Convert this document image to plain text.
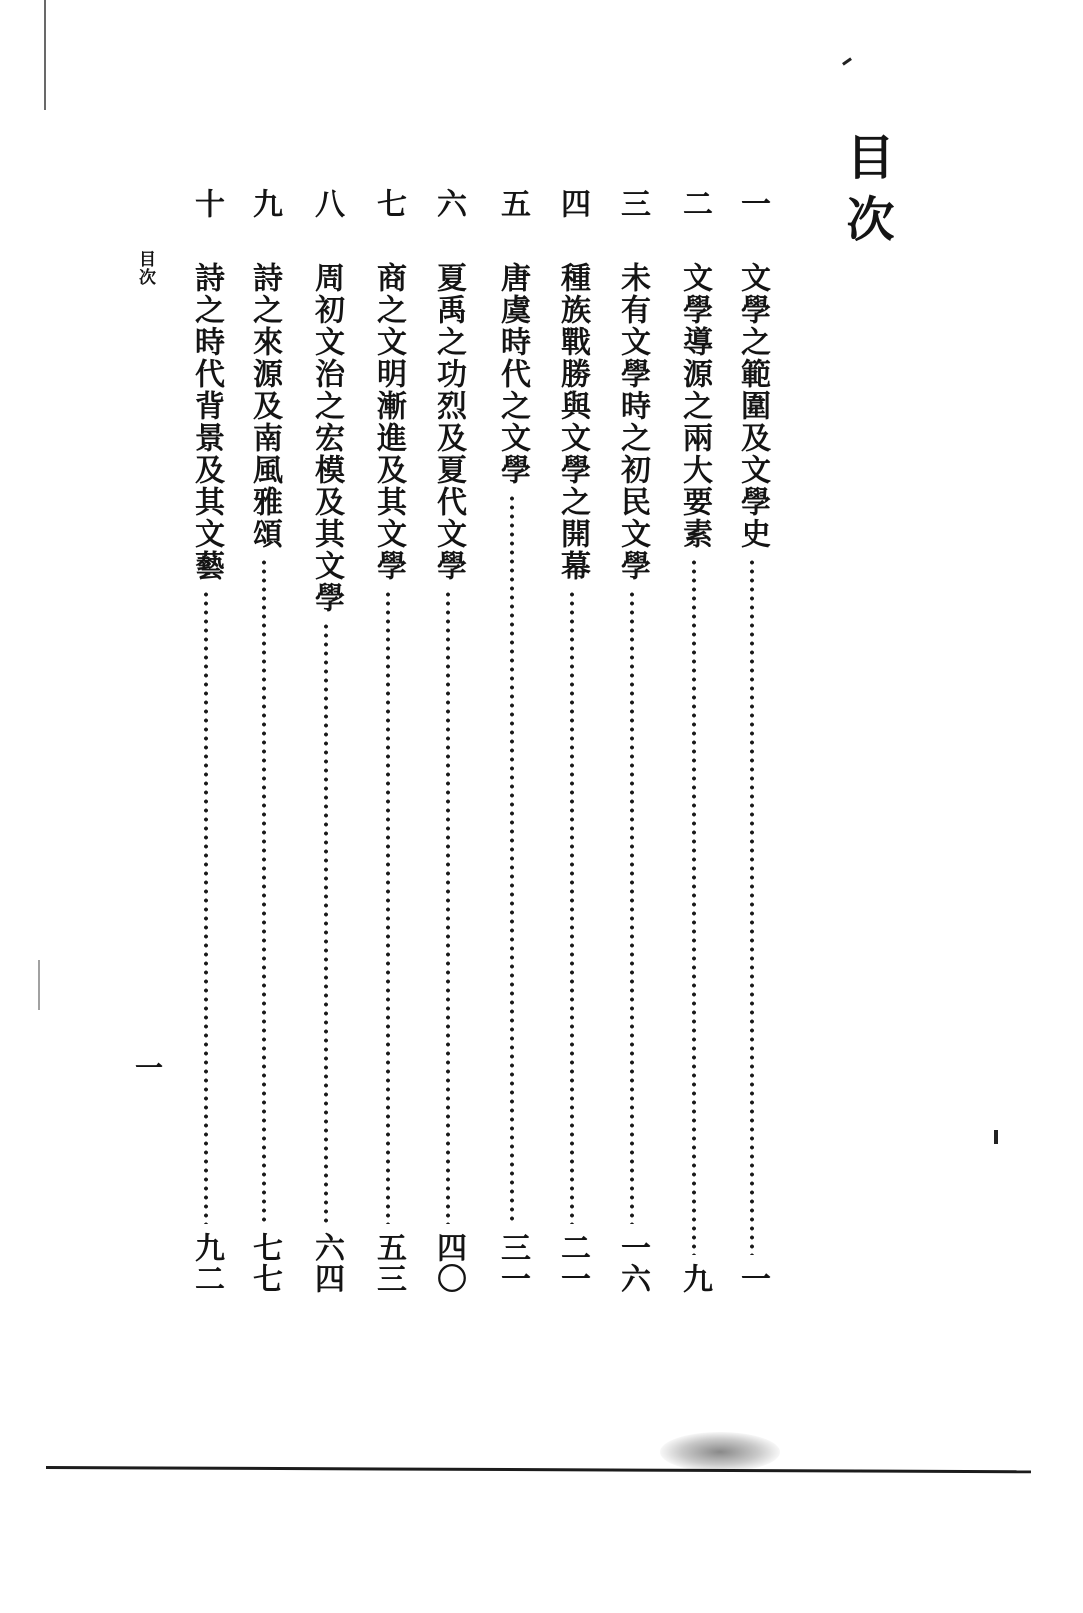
目次
目次
一
一
文學之範圍及文學史
一
二
文學導源之兩大要素
九
三
未有文學時之初民文學
一六
四
種族戰勝與文學之開幕
二一
五
唐虞時代之文學
三一
六
夏禹之功烈及夏代文學
四〇
七
商之文明漸進及其文學
五三
八
周初文治之宏模及其文學
六四
九
詩之來源及南風雅頌
七七
十
詩之時代背景及其文藝
九二
